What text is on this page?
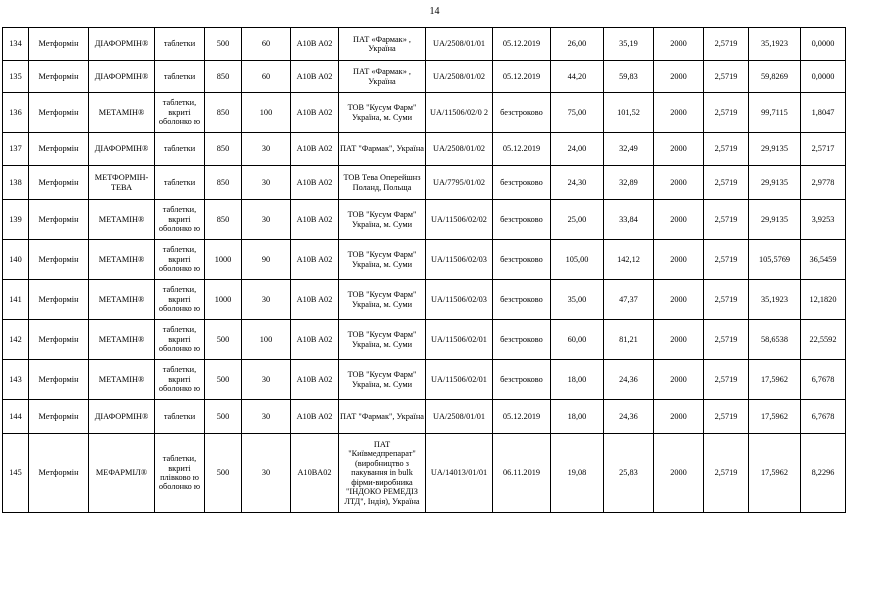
14
134	Метформін	ДІАФОРМІН®	таблетки	500	60	A10B A02	ПАТ «Фармак» , Україна	UA/2508/01/01	05.12.2019	26,00	35,19	2000	2,5719	35,1923	0,0000
135	Метформін	ДІАФОРМІН®	таблетки	850	60	A10B A02	ПАТ «Фармак» , Україна	UA/2508/01/02	05.12.2019	44,20	59,83	2000	2,5719	59,8269	0,0000
136	Метформін	МЕТАМІН®	таблетки, вкриті оболонко ю	850	100	A10B A02	ТОВ "Кусум Фарм" Україна, м. Суми	UA/11506/02/0 2	безстроково	75,00	101,52	2000	2,5719	99,7115	1,8047
137	Метформін	ДІАФОРМІН®	таблетки	850	30	A10B A02	ПАТ "Фармак", Україна	UA/2508/01/02	05.12.2019	24,00	32,49	2000	2,5719	29,9135	2,5717
138	Метформін	МЕТФОРМІН-ТЕВА	таблетки	850	30	A10B A02	ТОВ Тева Оперейшнз Поланд, Польща	UA/7795/01/02	безстроково	24,30	32,89	2000	2,5719	29,9135	2,9778
139	Метформін	МЕТАМІН®	таблетки, вкриті оболонко ю	850	30	A10B A02	ТОВ "Кусум Фарм" Україна, м. Суми	UA/11506/02/02	безстроково	25,00	33,84	2000	2,5719	29,9135	3,9253
140	Метформін	МЕТАМІН®	таблетки, вкриті оболонко ю	1000	90	A10B A02	ТОВ "Кусум Фарм" Україна, м. Суми	UA/11506/02/03	безстроково	105,00	142,12	2000	2,5719	105,5769	36,5459
141	Метформін	МЕТАМІН®	таблетки, вкриті оболонко ю	1000	30	A10B A02	ТОВ "Кусум Фарм" Україна, м. Суми	UA/11506/02/03	безстроково	35,00	47,37	2000	2,5719	35,1923	12,1820
142	Метформін	МЕТАМІН®	таблетки, вкриті оболонко ю	500	100	A10B A02	ТОВ "Кусум Фарм" Україна, м. Суми	UA/11506/02/01	безстроково	60,00	81,21	2000	2,5719	58,6538	22,5592
143	Метформін	МЕТАМІН®	таблетки, вкриті оболонко ю	500	30	A10B A02	ТОВ "Кусум Фарм" Україна, м. Суми	UA/11506/02/01	безстроково	18,00	24,36	2000	2,5719	17,5962	6,7678
144	Метформін	ДІАФОРМІН®	таблетки	500	30	A10B A02	ПАТ "Фармак", Україна	UA/2508/01/01	05.12.2019	18,00	24,36	2000	2,5719	17,5962	6,7678
145	Метформін	МЕФАРМІЛ®	таблетки, вкриті плівково ю оболонко ю	500	30	A10BA02	ПАТ "Київмедпрепарат" (виробництво з пакування in bulk фірми-виробника "ІНДОКО РЕМЕДІЗ ЛТД", Індія), Україна	UA/14013/01/01	06.11.2019	19,08	25,83	2000	2,5719	17,5962	8,2296
